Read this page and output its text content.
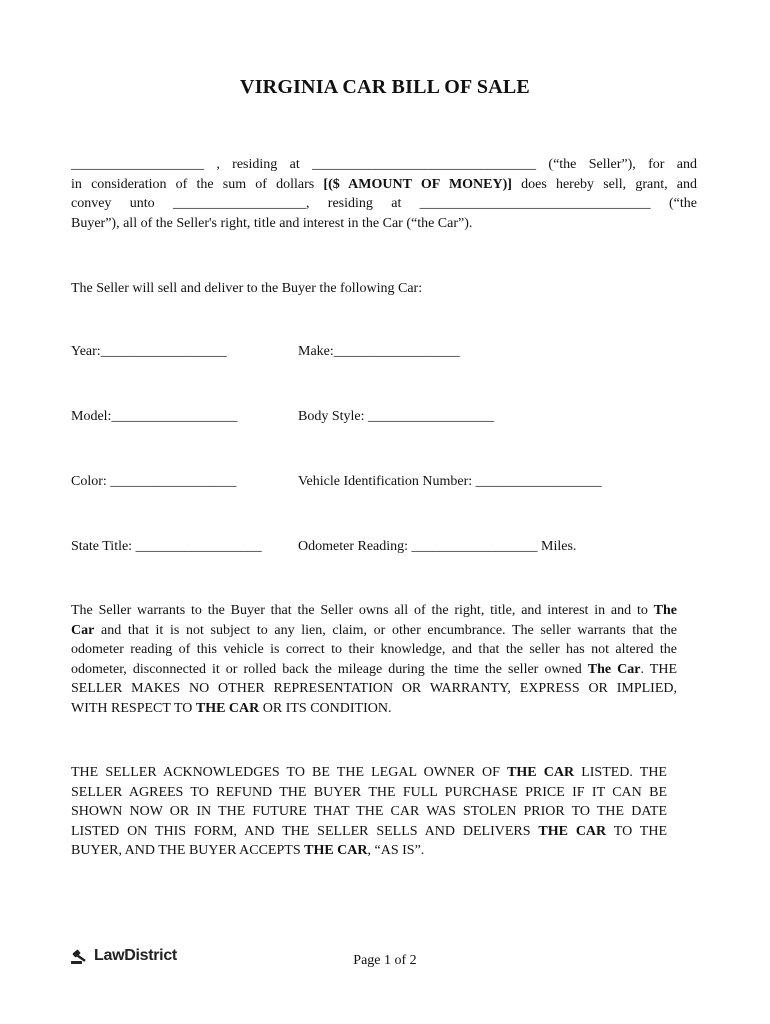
VIRGINIA CAR BILL OF SALE
___________________ , residing at ________________________________ (“the Seller”), for and
in consideration of the sum of dollars [($ AMOUNT OF MONEY)] does hereby sell, grant, and
convey unto ___________________, residing at _________________________________ (“the
Buyer”), all of the Seller's right, title and interest in the Car (“the Car”).
The Seller will sell and deliver to the Buyer the following Car:
Year:__________________	Make:__________________
Model:__________________	Body Style: __________________
Color: __________________	Vehicle Identification Number: __________________
State Title: __________________	Odometer Reading: __________________ Miles.
The Seller warrants to the Buyer that the Seller owns all of the right, title, and interest in and to The
Car and that it is not subject to any lien, claim, or other encumbrance. The seller warrants that the
odometer reading of this vehicle is correct to their knowledge, and that the seller has not altered the
odometer, disconnected it or rolled back the mileage during the time the seller owned The Car. THE
SELLER MAKES NO OTHER REPRESENTATION OR WARRANTY, EXPRESS OR IMPLIED,
WITH RESPECT TO THE CAR OR ITS CONDITION.
THE SELLER ACKNOWLEDGES TO BE THE LEGAL OWNER OF THE CAR LISTED. THE
SELLER AGREES TO REFUND THE BUYER THE FULL PURCHASE PRICE IF IT CAN BE
SHOWN NOW OR IN THE FUTURE THAT THE CAR WAS STOLEN PRIOR TO THE DATE
LISTED ON THIS FORM, AND THE SELLER SELLS AND DELIVERS THE CAR TO THE
BUYER, AND THE BUYER ACCEPTS THE CAR, “AS IS”.
LawDistrict	Page 1 of 2
